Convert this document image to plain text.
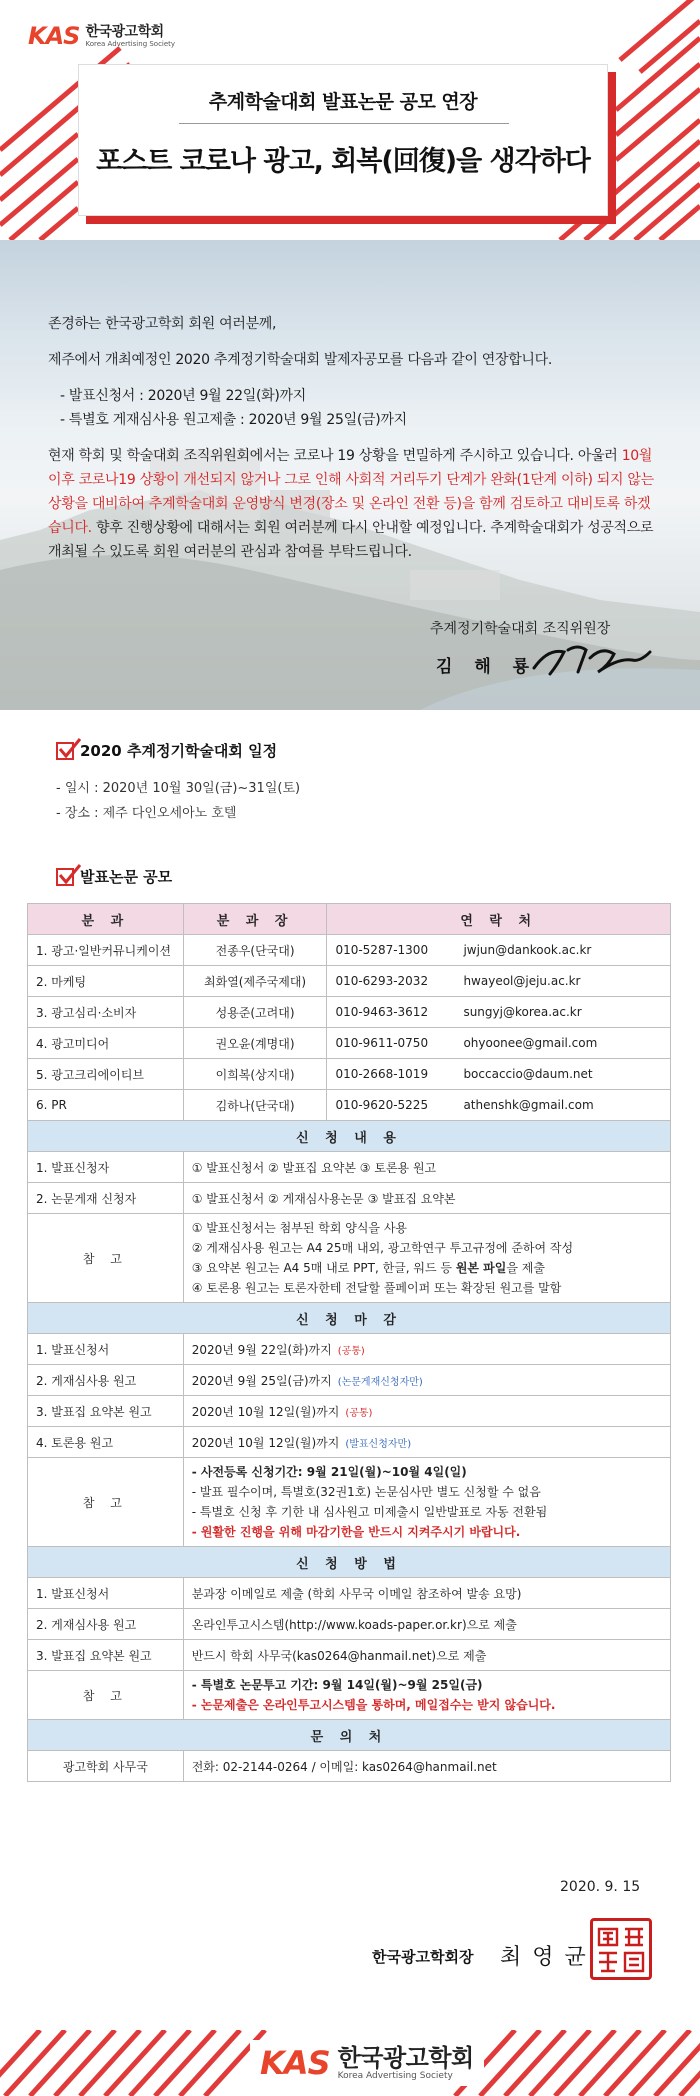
KAS 한국광고학회
Korea Advertising Society
추계학술대회 발표논문 공모 연장
포스트 코로나 광고, 회복(回復)을 생각하다

존경하는 한국광고학회 회원 여러분께,

제주에서 개최예정인 2020 추계정기학술대회 발제자공모를 다음과 같이 연장합니다.

- 발표신청서 : 2020년 9월 22일(화)까지

- 특별호 게재심사용 원고제출 : 2020년 9월 25일(금)까지

현재 학회 및 학술대회 조직위원회에서는 코로나 19 상황을 면밀하게 주시하고 있습니다. 아울러 10월 이후 코로나19 상황이 개선되지 않거나 그로 인해 사회적 거리두기 단계가 완화(1단계 이하) 되지 않는 상황을 대비하여 추계학술대회 운영방식 변경(장소 및 온라인 전환 등)을 함께 검토하고 대비토록 하겠습니다. 향후 진행상황에 대해서는 회원 여러분께 다시 안내할 예정입니다. 추계학술대회가 성공적으로 개최될 수 있도록 회원 여러분의 관심과 참여를 부탁드립니다.

추계정기학술대회 조직위원장
김 해 룡
2020 추계정기학술대회 일정
- 일시 : 2020년 10월 30일(금)~31일(토)
- 장소 : 제주 다인오세아노 호텔
발표논문 공모
분 과	분 과 장	연 락 처
1. 광고·일반커뮤니케이션	전종우(단국대)	010-5287-1300 jwjun@dankook.ac.kr
2. 마케팅	최화열(제주국제대)	010-6293-2032 hwayeol@jeju.ac.kr
3. 광고심리·소비자	성용준(고려대)	010-9463-3612 sungyj@korea.ac.kr
4. 광고미디어	권오윤(계명대)	010-9611-0750 ohyoonee@gmail.com
5. 광고크리에이티브	이희복(상지대)	010-2668-1019 boccaccio@daum.net
6. PR	김하나(단국대)	010-9620-5225 athenshk@gmail.com
신 청 내 용		
1. 발표신청자	① 발표신청서 ② 발표집 요약본 ③ 토론용 원고	
2. 논문게재 신청자	① 발표신청서 ② 게재심사용논문 ③ 발표집 요약본	
참 고	① 발표신청서는 첨부된 학회 양식을 사용
② 게재심사용 원고는 A4 25매 내외, 광고학연구 투고규정에 준하여 작성
③ 요약본 원고는 A4 5매 내로 PPT, 한글, 워드 등 원본 파일을 제출
④ 토론용 원고는 토론자한테 전달할 풀페이퍼 또는 확장된 원고를 말함	

신 청 마 감		
1. 발표신청서	2020년 9월 22일(화)까지 (공통)	
2. 게재심사용 원고	2020년 9월 25일(금)까지 (논문게재신청자만)	
3. 발표집 요약본 원고	2020년 10월 12일(월)까지 (공통)	
4. 토론용 원고	2020년 10월 12일(월)까지 (발표신청자만)	
참 고	- 사전등록 신청기간: 9월 21일(월)~10월 4일(일)
- 발표 필수이며, 특별호(32권1호) 논문심사만 별도 신청할 수 없음
- 특별호 신청 후 기한 내 심사원고 미제출시 일반발표로 자동 전환됨
- 원활한 진행을 위해 마감기한을 반드시 지켜주시기 바랍니다.	

신 청 방 법		
1. 발표신청서	분과장 이메일로 제출 (학회 사무국 이메일 참조하여 발송 요망)	
2. 게재심사용 원고	온라인투고시스템(http://www.koads-paper.or.kr)으로 제출	
3. 발표집 요약본 원고	반드시 학회 사무국(kas0264@hanmail.net)으로 제출	
참 고	- 특별호 논문투고 기간: 9월 14일(월)~9월 25일(금)
- 논문제출은 온라인투고시스템을 통하며, 메일접수는 받지 않습니다.	

문 의 처		
광고학회 사무국	전화: 02-2144-0264 / 이메일: kas0264@hanmail.net	
2020. 9. 15
한국광고학회장 최 영 균
KAS 한국광고학회
Korea Advertising Society
